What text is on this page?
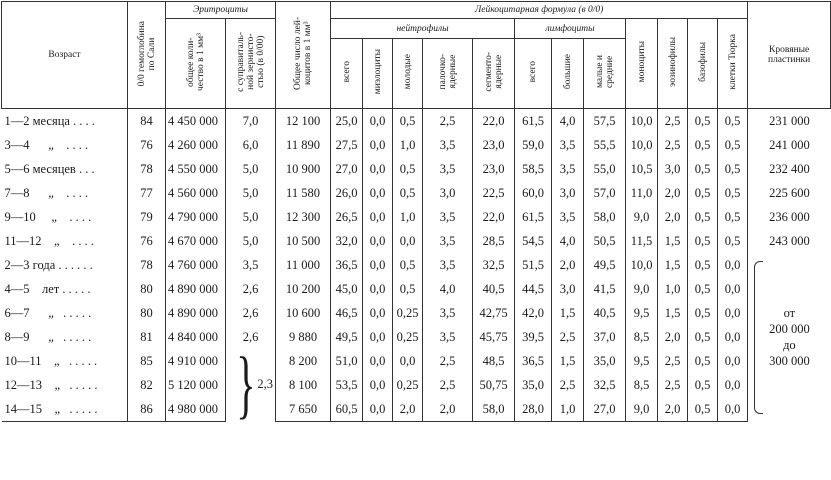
Возраст	0/0 гемоглобина
по Сали	Эритроциты		Общее число лей-
коцитов в 1 мм³	Лейкоцитарная формула (в 0/0)												Кровяные
пластинки
		общее коли-
чество в 1 мм³	с суправиталь-
ной зернисто-
стью (в 0/00)		нейтрофилы					лимфоциты			моноциты	эозинофилы	базофилы	клетки Тюрка	
					всего	миэлоциты	молодые	палочко-
ядерные	сегменто-
ядерные	всего	большие	малые и
средние					
1—2 месяца . . . .	84	4 450 000	7,0	12 100	25,0	0,0	0,5	2,5	22,0	61,5	4,0	57,5	10,0	2,5	0,5	0,5	231 000
3—4      „    . . . .	76	4 260 000	6,0	11 890	27,5	0,0	1,0	3,5	23,0	59,0	3,5	55,5	10,0	2,5	0,5	0,5	241 000
5—6 месяцев . . .	78	4 550 000	5,0	10 900	27,0	0,0	0,5	3,5	23,0	58,5	3,5	55,0	10,5	3,0	0,5	0,5	232 400
7—8      „    . . . .	77	4 560 000	5,0	11 580	26,0	0,0	0,5	3,0	22,5	60,0	3,0	57,0	11,0	2,0	0,5	0,5	225 600
9—10     „    . . . .	79	4 790 000	5,0	12 300	26,5	0,0	1,0	3,5	22,0	61,5	3,5	58,0	9,0	2,0	0,5	0,5	236 000
11—12    „    . . . .	76	4 670 000	5,0	10 500	32,0	0,0	0,0	3,5	28,5	54,5	4,0	50,5	11,5	1,5	0,5	0,5	243 000
2—3 года . . . . . .	78	4 760 000	3,5	11 000	36,5	0,0	0,5	3,5	32,5	51,5	2,0	49,5	10,0	1,5	0,5	0,0	от
200 000
до
300 000

4—5    лет . . . . .	80	4 890 000	2,6	10 200	45,0	0,0	0,5	4,0	40,5	44,5	3,0	41,5	9,0	1,0	0,5	0,0	
6—7      „   . . . . .	80	4 890 000	2,6	10 600	46,5	0,0	0,25	3,5	42,75	42,0	1,5	40,5	9,5	1,5	0,5	0,0	
8—9      „   . . . . .	81	4 840 000	2,6	9 880	49,5	0,0	0,25	3,5	45,75	39,5	2,5	37,0	8,5	2,0	0,5	0,0	
10—11    „   . . . . .	85	4 910 000	} 2,3	8 200	51,0	0,0	0,0	2,5	48,5	36,5	1,5	35,0	9,5	2,5	0,5	0,0	
12—13    „   . . . . .	82	5 120 000		8 100	53,5	0,0	0,25	2,5	50,75	35,0	2,5	32,5	8,5	2,5	0,5	0,0	
14—15    „   . . . . .	86	4 980 000		7 650	60,5	0,0	2,0	2,0	58,0	28,0	1,0	27,0	9,0	2,0	0,5	0,0	
